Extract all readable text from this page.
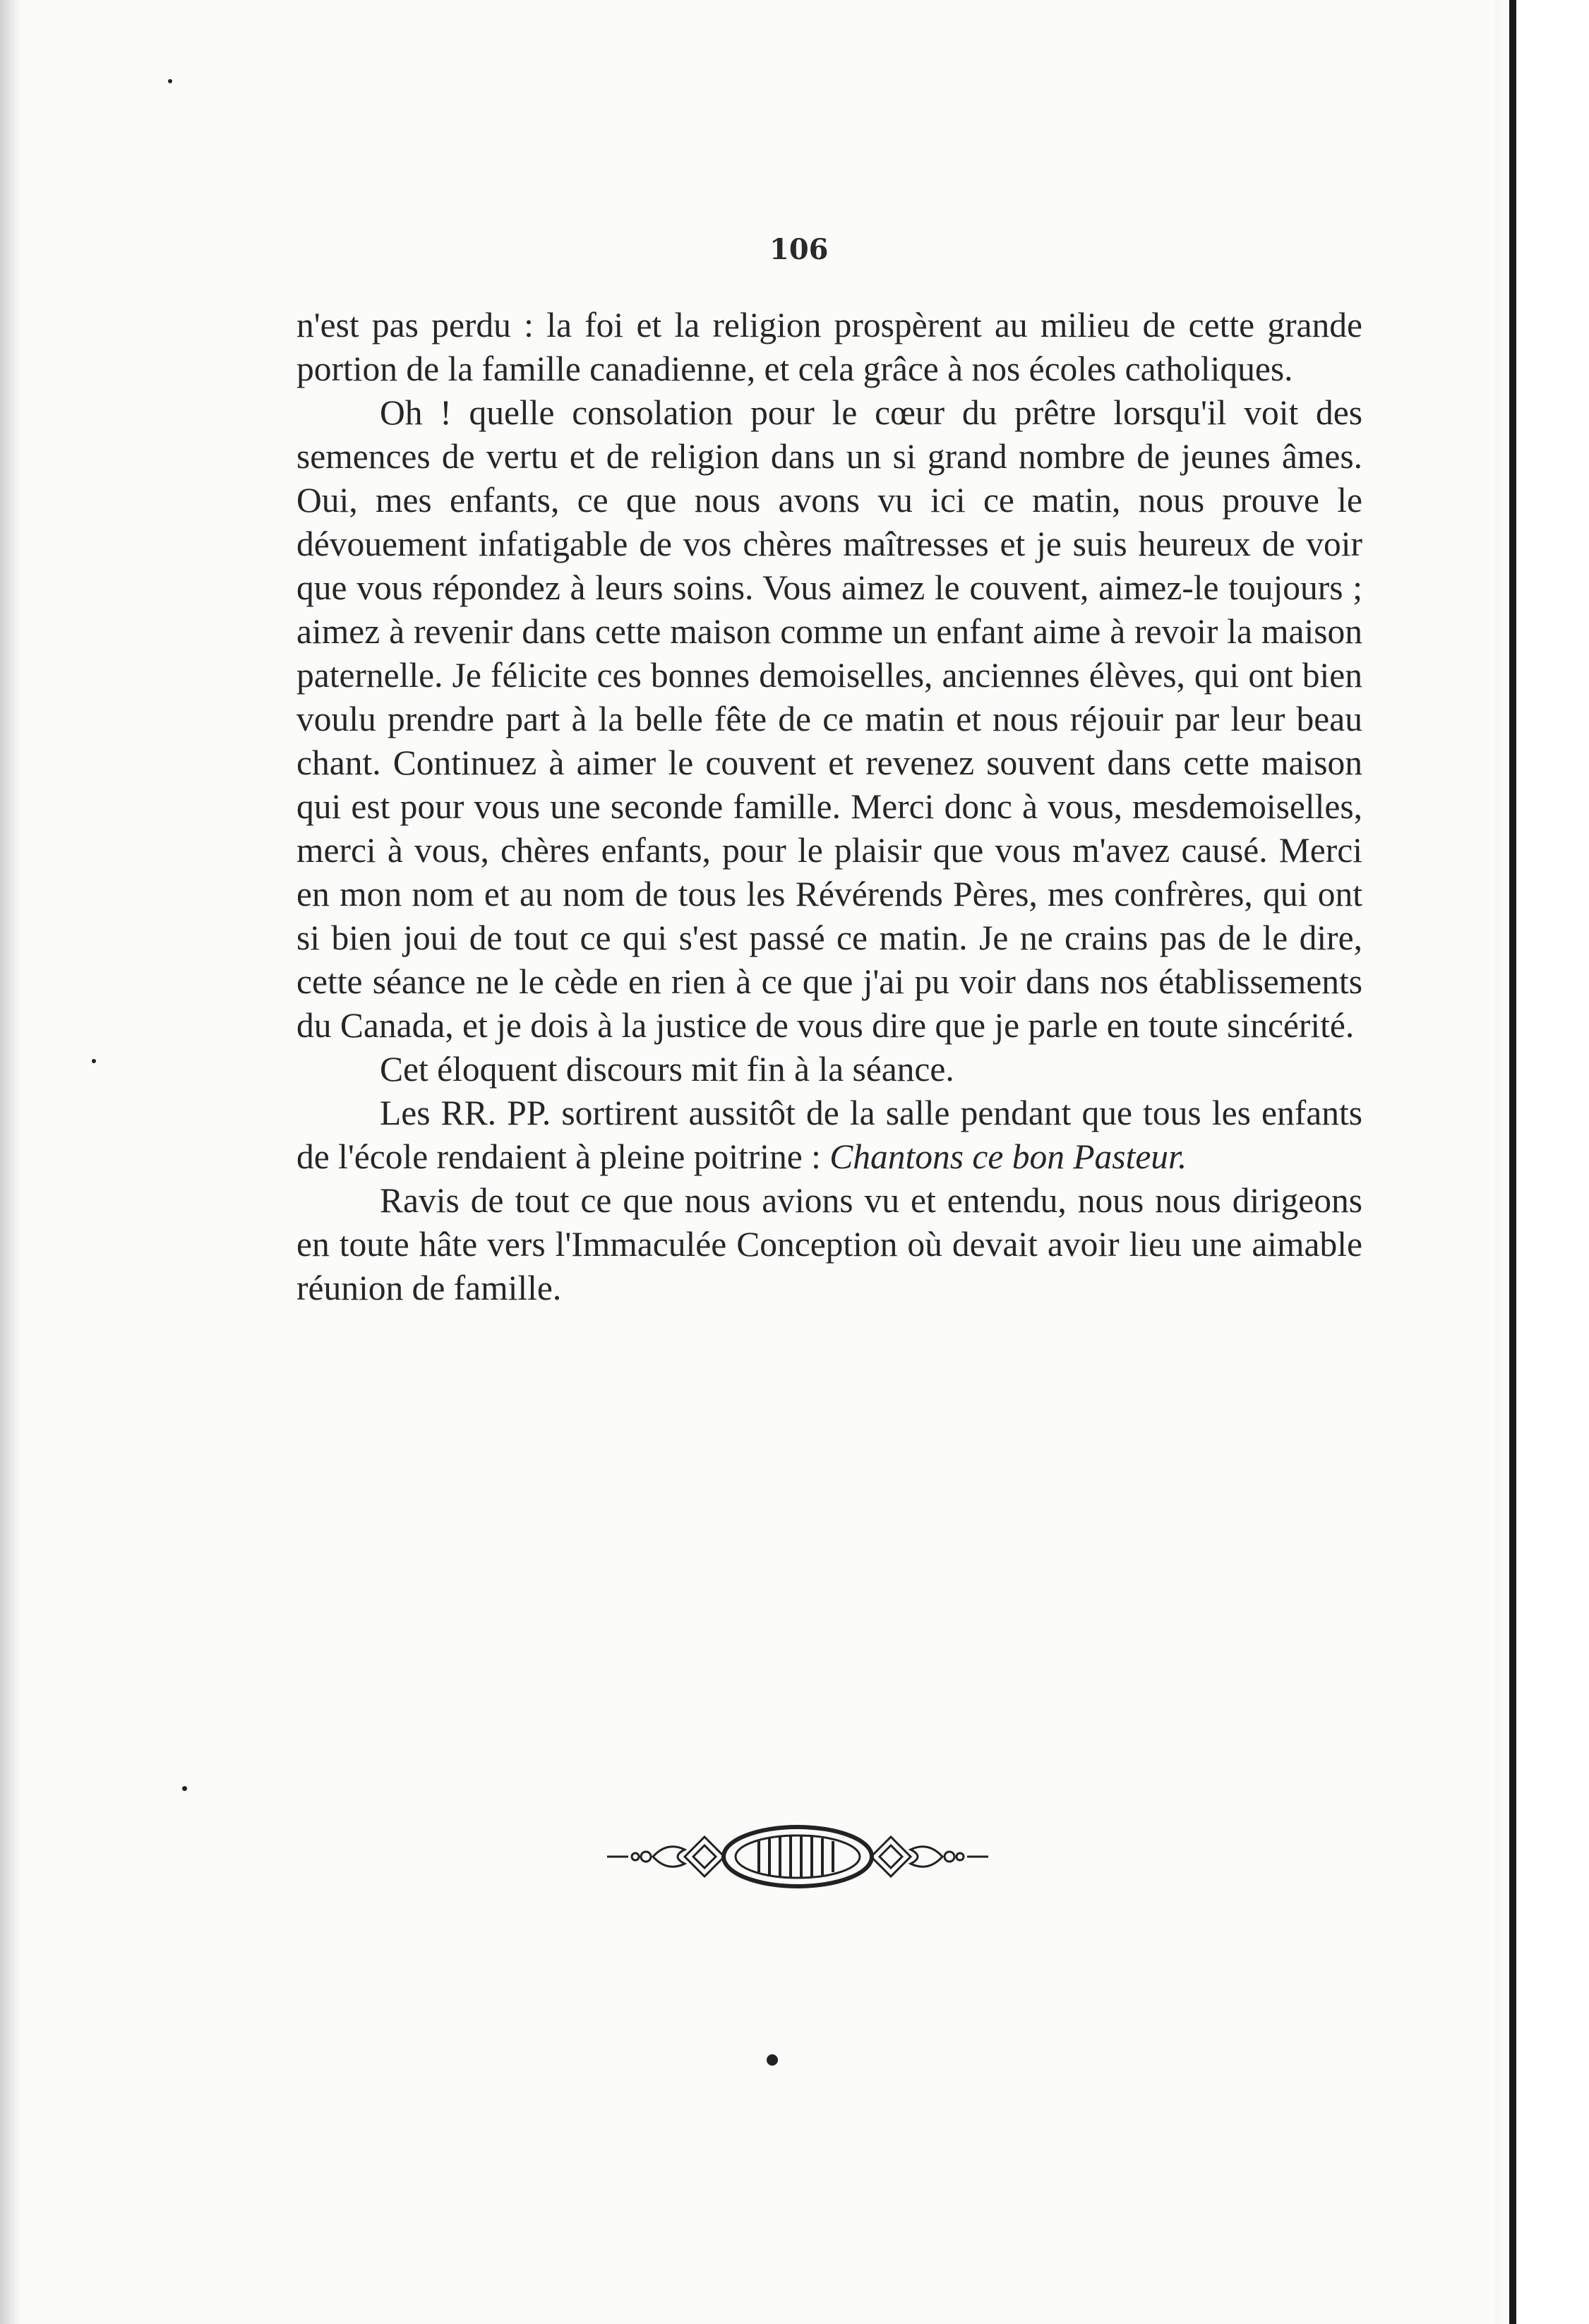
106

n'est pas perdu : la foi et la religion prospèrent au milieu de cette grande portion de la famille canadienne, et cela grâce à nos écoles catholiques.

Oh ! quelle consolation pour le cœur du prêtre lorsqu'il voit des semences de vertu et de religion dans un si grand nombre de jeunes âmes. Oui, mes enfants, ce que nous avons vu ici ce matin, nous prouve le dévouement infatigable de vos chères maîtresses et je suis heureux de voir que vous répondez à leurs soins. Vous aimez le couvent, aimez-le toujours ; aimez à revenir dans cette maison comme un enfant aime à revoir la maison paternelle. Je félicite ces bonnes demoiselles, anciennes élèves, qui ont bien voulu prendre part à la belle fête de ce matin et nous réjouir par leur beau chant. Continuez à aimer le couvent et revenez souvent dans cette maison qui est pour vous une seconde famille. Merci donc à vous, mesdemoiselles, merci à vous, chères enfants, pour le plaisir que vous m'avez causé. Merci en mon nom et au nom de tous les Révérends Pères, mes confrères, qui ont si bien joui de tout ce qui s'est passé ce matin. Je ne crains pas de le dire, cette séance ne le cède en rien à ce que j'ai pu voir dans nos établissements du Canada, et je dois à la justice de vous dire que je parle en toute sincérité.

Cet éloquent discours mit fin à la séance.

Les RR. PP. sortirent aussitôt de la salle pendant que tous les enfants de l'école rendaient à pleine poitrine : Chantons ce bon Pasteur.

Ravis de tout ce que nous avions vu et entendu, nous nous dirigeons en toute hâte vers l'Immaculée Conception où devait avoir lieu une aimable réunion de famille.
